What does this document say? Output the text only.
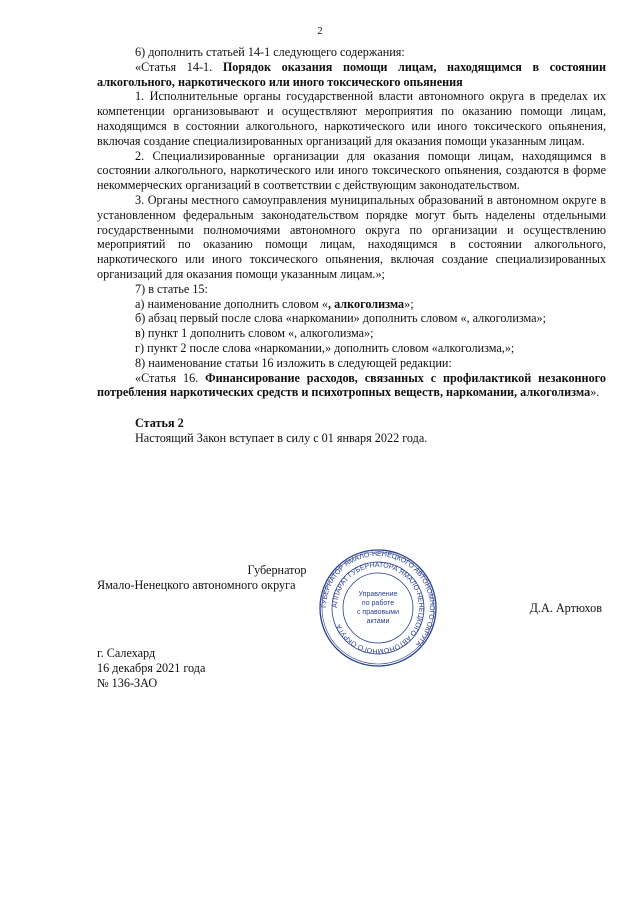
2

6) дополнить статьей 14-1 следующего содержания:

«Статья 14-1. Порядок оказания помощи лицам, находящимся в состоянии алкогольного, наркотического или иного токсического опьянения

1. Исполнительные органы государственной власти автономного округа в пределах их компетенции организовывают и осуществляют мероприятия по оказанию помощи лицам, находящимся в состоянии алкогольного, наркотического или иного токсического опьянения, включая создание специализированных организаций для оказания помощи указанным лицам.

2. Специализированные организации для оказания помощи лицам, находящимся в состоянии алкогольного, наркотического или иного токсического опьянения, создаются в форме некоммерческих организаций в соответствии с действующим законодательством.

3. Органы местного самоуправления муниципальных образований в автономном округе в установленном федеральным законодательством порядке могут быть наделены отдельными государственными полномочиями автономного округа по организации и осуществлению мероприятий по оказанию помощи лицам, находящимся в состоянии алкогольного, наркотического или иного токсического опьянения, включая создание специализированных организаций для оказания помощи указанным лицам.»;

7) в статье 15:

а) наименование дополнить словом «, алкоголизма»;

б) абзац первый после слова «наркомании» дополнить словом «, алкоголизма»;

в) пункт 1 дополнить словом «, алкоголизма»;

г) пункт 2 после слова «наркомании,» дополнить словом «алкоголизма,»;

8) наименование статьи 16 изложить в следующей редакции:

«Статья 16. Финансирование расходов, связанных с профилактикой незаконного потребления наркотических средств и психотропных веществ, наркомании, алкоголизма».

Статья 2

Настоящий Закон вступает в силу с 01 января 2022 года.

Губернатор
Ямало-Ненецкого автономного округа
Д.А. Артюхов
ГУБЕРНАТОР ЯМАЛО-НЕНЕЦКОГО АВТОНОМНОГО ОКРУГА
АППАРАТ ГУБЕРНАТОРА ЯМАЛО-НЕНЕЦКОГО АВТОНОМНОГО ОКРУГА
Управление
по работе
с правовыми
актами
г. Салехард
16 декабря 2021 года
№ 136-ЗАО
